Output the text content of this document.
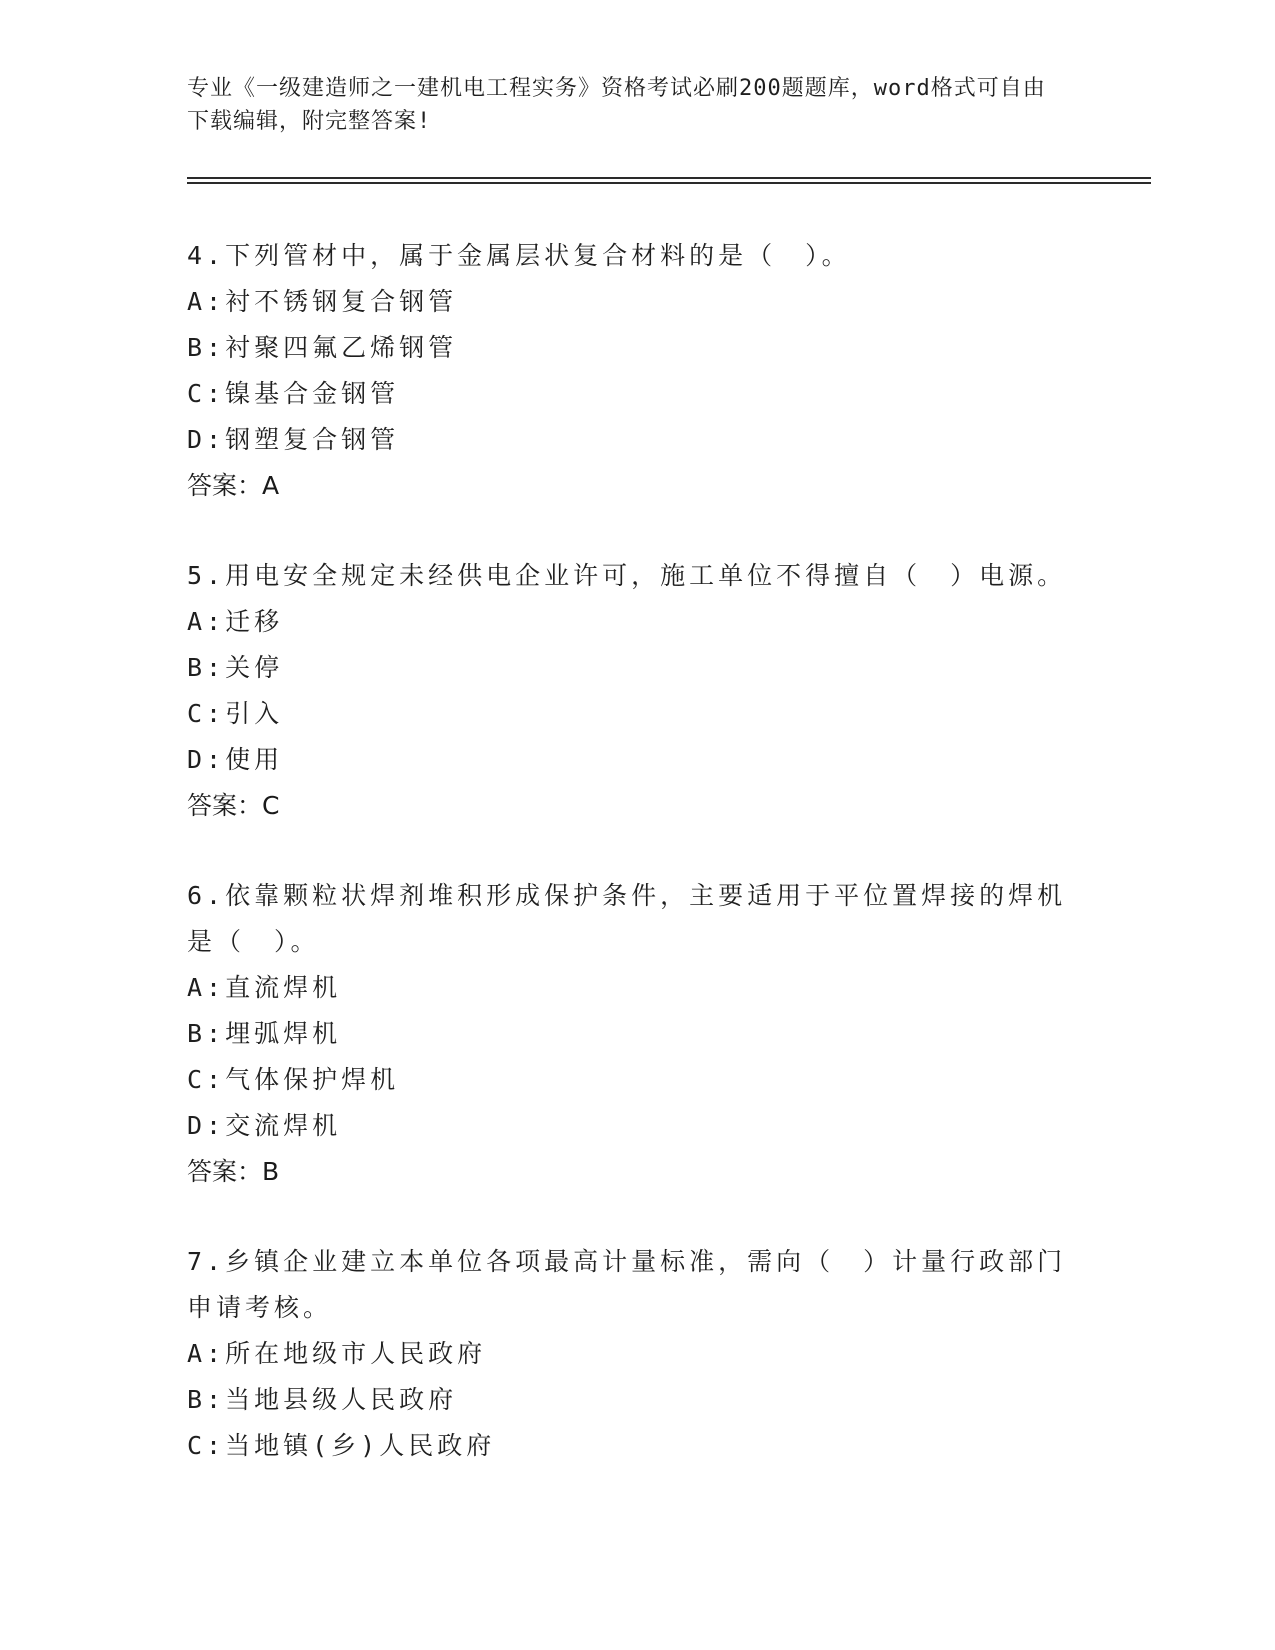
专业《一级建造师之一建机电工程实务》资格考试必刷200题题库，word格式可自由下载编辑，附完整答案!

4.下列管材中，属于金属层状复合材料的是（　）。

A:衬不锈钢复合钢管

B:衬聚四氟乙烯钢管

C:镍基合金钢管

D:钢塑复合钢管

答案：A

5.用电安全规定未经供电企业许可，施工单位不得擅自（　）电源。

A:迁移

B:关停

C:引入

D:使用

答案：C

6.依靠颗粒状焊剂堆积形成保护条件，主要适用于平位置焊接的焊机是（　）。

A:直流焊机

B:埋弧焊机

C:气体保护焊机

D:交流焊机

答案：B

7.乡镇企业建立本单位各项最高计量标准，需向（　）计量行政部门申请考核。

A:所在地级市人民政府

B:当地县级人民政府

C:当地镇(乡)人民政府
